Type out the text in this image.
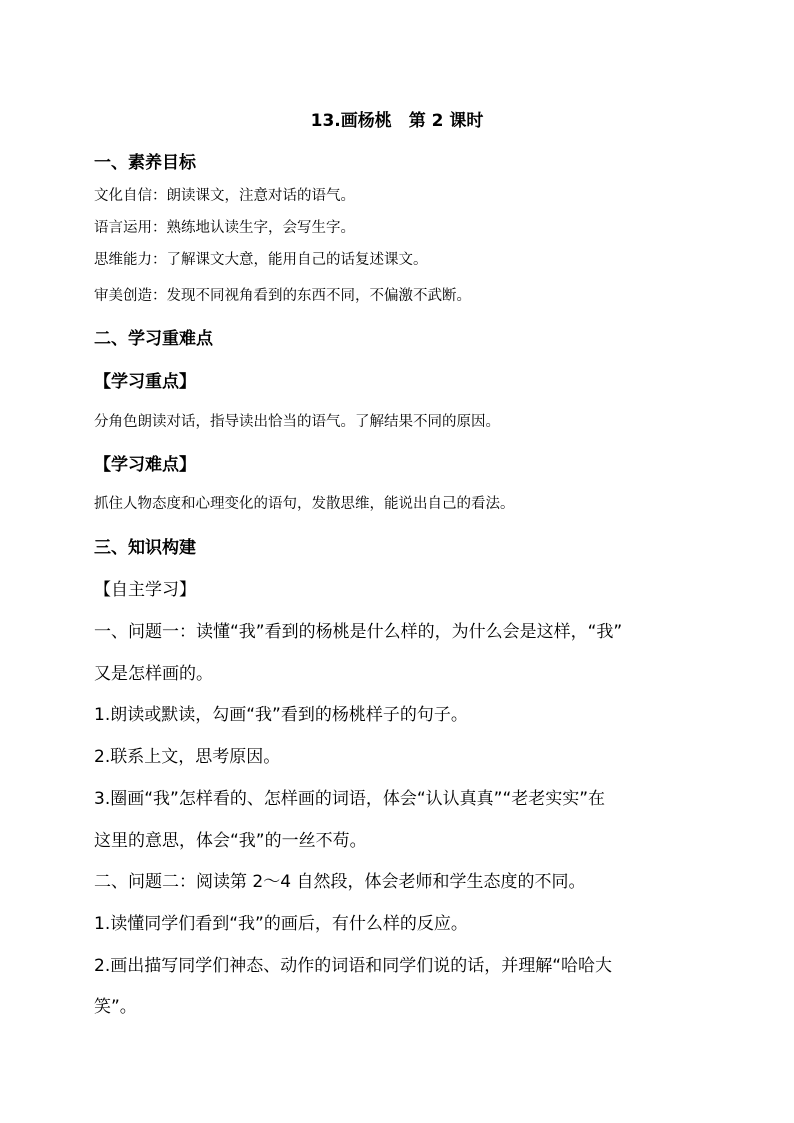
13.画杨桃　第 2 课时
一、素养目标
文化自信：朗读课文，注意对话的语气。
语言运用：熟练地认读生字，会写生字。
思维能力：了解课文大意，能用自己的话复述课文。
审美创造：发现不同视角看到的东西不同，不偏激不武断。
二、学习重难点
【学习重点】
分角色朗读对话，指导读出恰当的语气。了解结果不同的原因。
【学习难点】
抓住人物态度和心理变化的语句，发散思维，能说出自己的看法。
三、知识构建
【自主学习】
一、问题一：读懂“我”看到的杨桃是什么样的，为什么会是这样，“我”
又是怎样画的。
1.朗读或默读，勾画“我”看到的杨桃样子的句子。
2.联系上文，思考原因。
3.圈画“我”怎样看的、怎样画的词语，体会“认认真真”“老老实实”在
这里的意思，体会“我”的一丝不苟。
二、问题二：阅读第 2～4 自然段，体会老师和学生态度的不同。
1.读懂同学们看到“我”的画后，有什么样的反应。
2.画出描写同学们神态、动作的词语和同学们说的话，并理解“哈哈大
笑”。
